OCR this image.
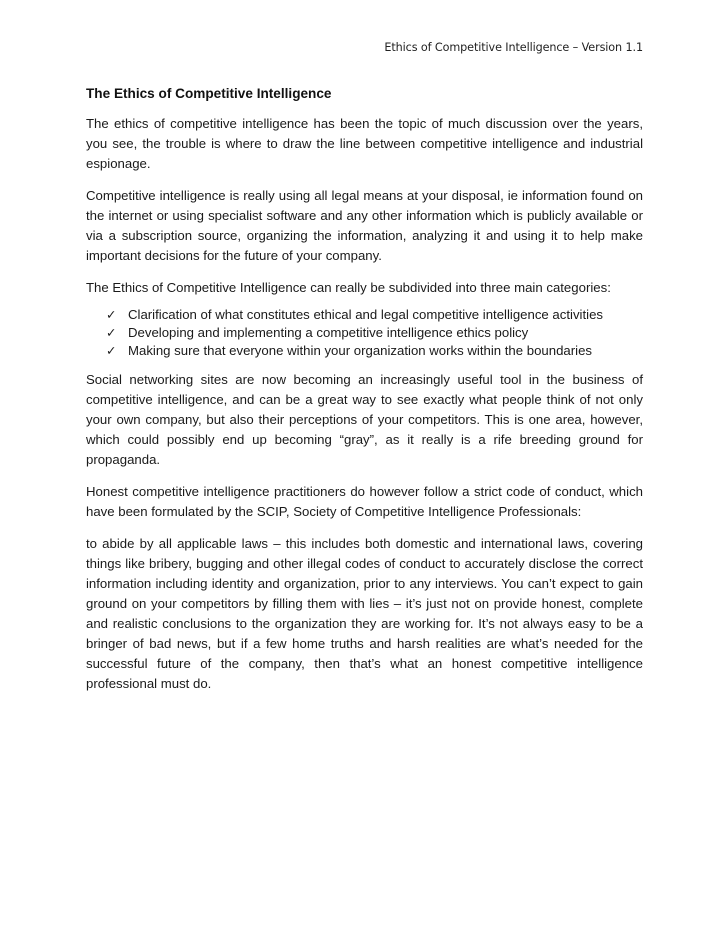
Ethics of Competitive Intelligence – Version 1.1
The Ethics of Competitive Intelligence

The ethics of competitive intelligence has been the topic of much discussion over the years, you see, the trouble is where to draw the line between competitive intelligence and industrial espionage.

Competitive intelligence is really using all legal means at your disposal, ie information found on the internet or using specialist software and any other information which is publicly available or via a subscription source, organizing the information, analyzing it and using it to help make important decisions for the future of your company.

The Ethics of Competitive Intelligence can really be subdivided into three main categories:

✓ Clarification of what constitutes ethical and legal competitive intelligence activities
✓ Developing and implementing a competitive intelligence ethics policy
✓ Making sure that everyone within your organization works within the boundaries

Social networking sites are now becoming an increasingly useful tool in the business of competitive intelligence, and can be a great way to see exactly what people think of not only your own company, but also their perceptions of your competitors. This is one area, however, which could possibly end up becoming “gray”, as it really is a rife breeding ground for propaganda.

Honest competitive intelligence practitioners do however follow a strict code of conduct, which have been formulated by the SCIP, Society of Competitive Intelligence Professionals:

to abide by all applicable laws – this includes both domestic and international laws, covering things like bribery, bugging and other illegal codes of conduct to accurately disclose the correct information including identity and organization, prior to any interviews. You can’t expect to gain ground on your competitors by filling them with lies – it’s just not on provide honest, complete and realistic conclusions to the organization they are working for. It’s not always easy to be a bringer of bad news, but if a few home truths and harsh realities are what’s needed for the successful future of the company, then that’s what an honest competitive intelligence professional must do.
